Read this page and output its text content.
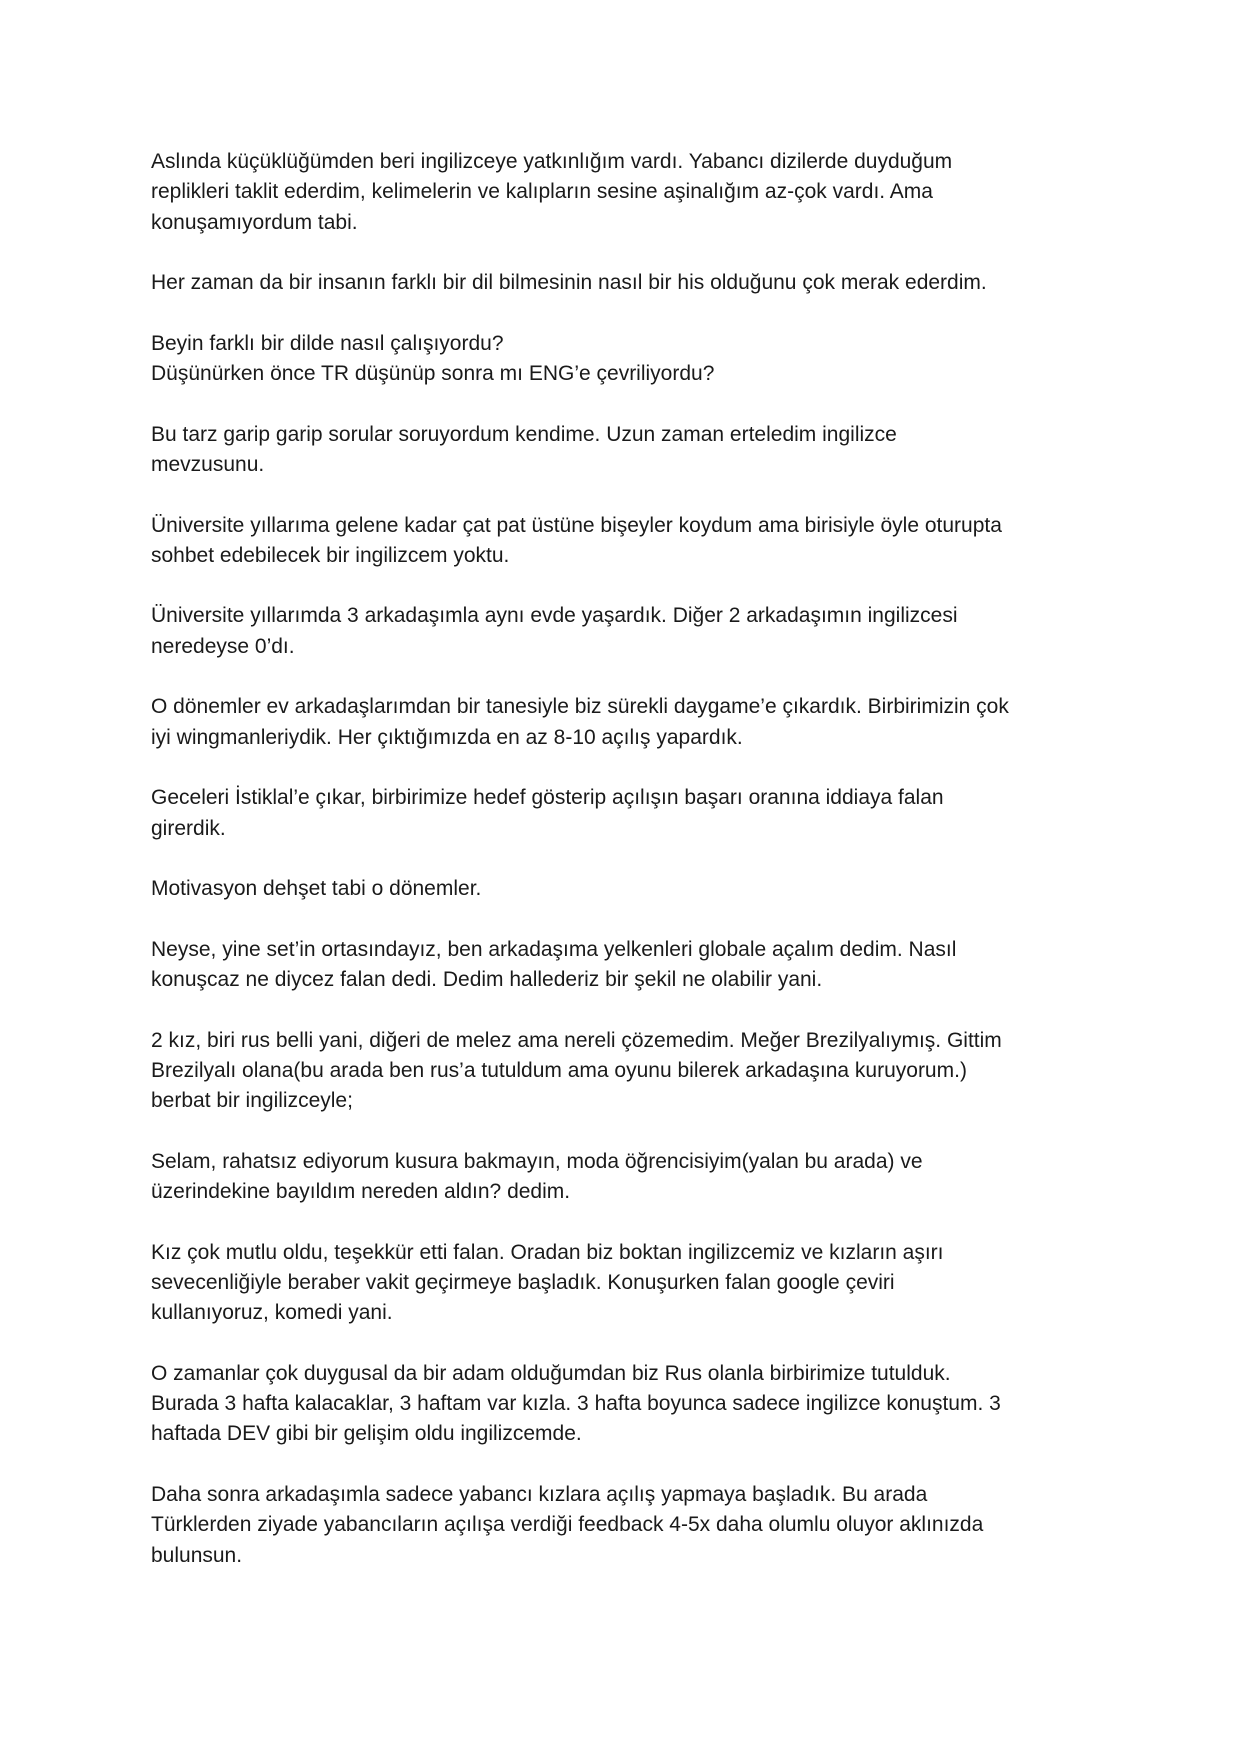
Aslında küçüklüğümden beri ingilizceye yatkınlığım vardı. Yabancı dizilerde duyduğum
replikleri taklit ederdim, kelimelerin ve kalıpların sesine aşinalığım az-çok vardı. Ama
konuşamıyordum tabi.

Her zaman da bir insanın farklı bir dil bilmesinin nasıl bir his olduğunu çok merak ederdim.

Beyin farklı bir dilde nasıl çalışıyordu?
Düşünürken önce TR düşünüp sonra mı ENG’e çevriliyordu?

Bu tarz garip garip sorular soruyordum kendime. Uzun zaman erteledim ingilizce
mevzusunu.

Üniversite yıllarıma gelene kadar çat pat üstüne bişeyler koydum ama birisiyle öyle oturupta
sohbet edebilecek bir ingilizcem yoktu.

Üniversite yıllarımda 3 arkadaşımla aynı evde yaşardık. Diğer 2 arkadaşımın ingilizcesi
neredeyse 0’dı.

O dönemler ev arkadaşlarımdan bir tanesiyle biz sürekli daygame’e çıkardık. Birbirimizin çok
iyi wingmanleriydik. Her çıktığımızda en az 8-10 açılış yapardık.

Geceleri İstiklal’e çıkar, birbirimize hedef gösterip açılışın başarı oranına iddiaya falan
girerdik.

Motivasyon dehşet tabi o dönemler.

Neyse, yine set’in ortasındayız, ben arkadaşıma yelkenleri globale açalım dedim. Nasıl
konuşcaz ne diycez falan dedi. Dedim hallederiz bir şekil ne olabilir yani.

2 kız, biri rus belli yani, diğeri de melez ama nereli çözemedim. Meğer Brezilyalıymış. Gittim
Brezilyalı olana(bu arada ben rus’a tutuldum ama oyunu bilerek arkadaşına kuruyorum.)
berbat bir ingilizceyle;

Selam, rahatsız ediyorum kusura bakmayın, moda öğrencisiyim(yalan bu arada) ve
üzerindekine bayıldım nereden aldın? dedim.

Kız çok mutlu oldu, teşekkür etti falan. Oradan biz boktan ingilizcemiz ve kızların aşırı
sevecenliğiyle beraber vakit geçirmeye başladık. Konuşurken falan google çeviri
kullanıyoruz, komedi yani.

O zamanlar çok duygusal da bir adam olduğumdan biz Rus olanla birbirimize tutulduk.
Burada 3 hafta kalacaklar, 3 haftam var kızla. 3 hafta boyunca sadece ingilizce konuştum. 3
haftada DEV gibi bir gelişim oldu ingilizcemde.

Daha sonra arkadaşımla sadece yabancı kızlara açılış yapmaya başladık. Bu arada
Türklerden ziyade yabancıların açılışa verdiği feedback 4-5x daha olumlu oluyor aklınızda
bulunsun.
